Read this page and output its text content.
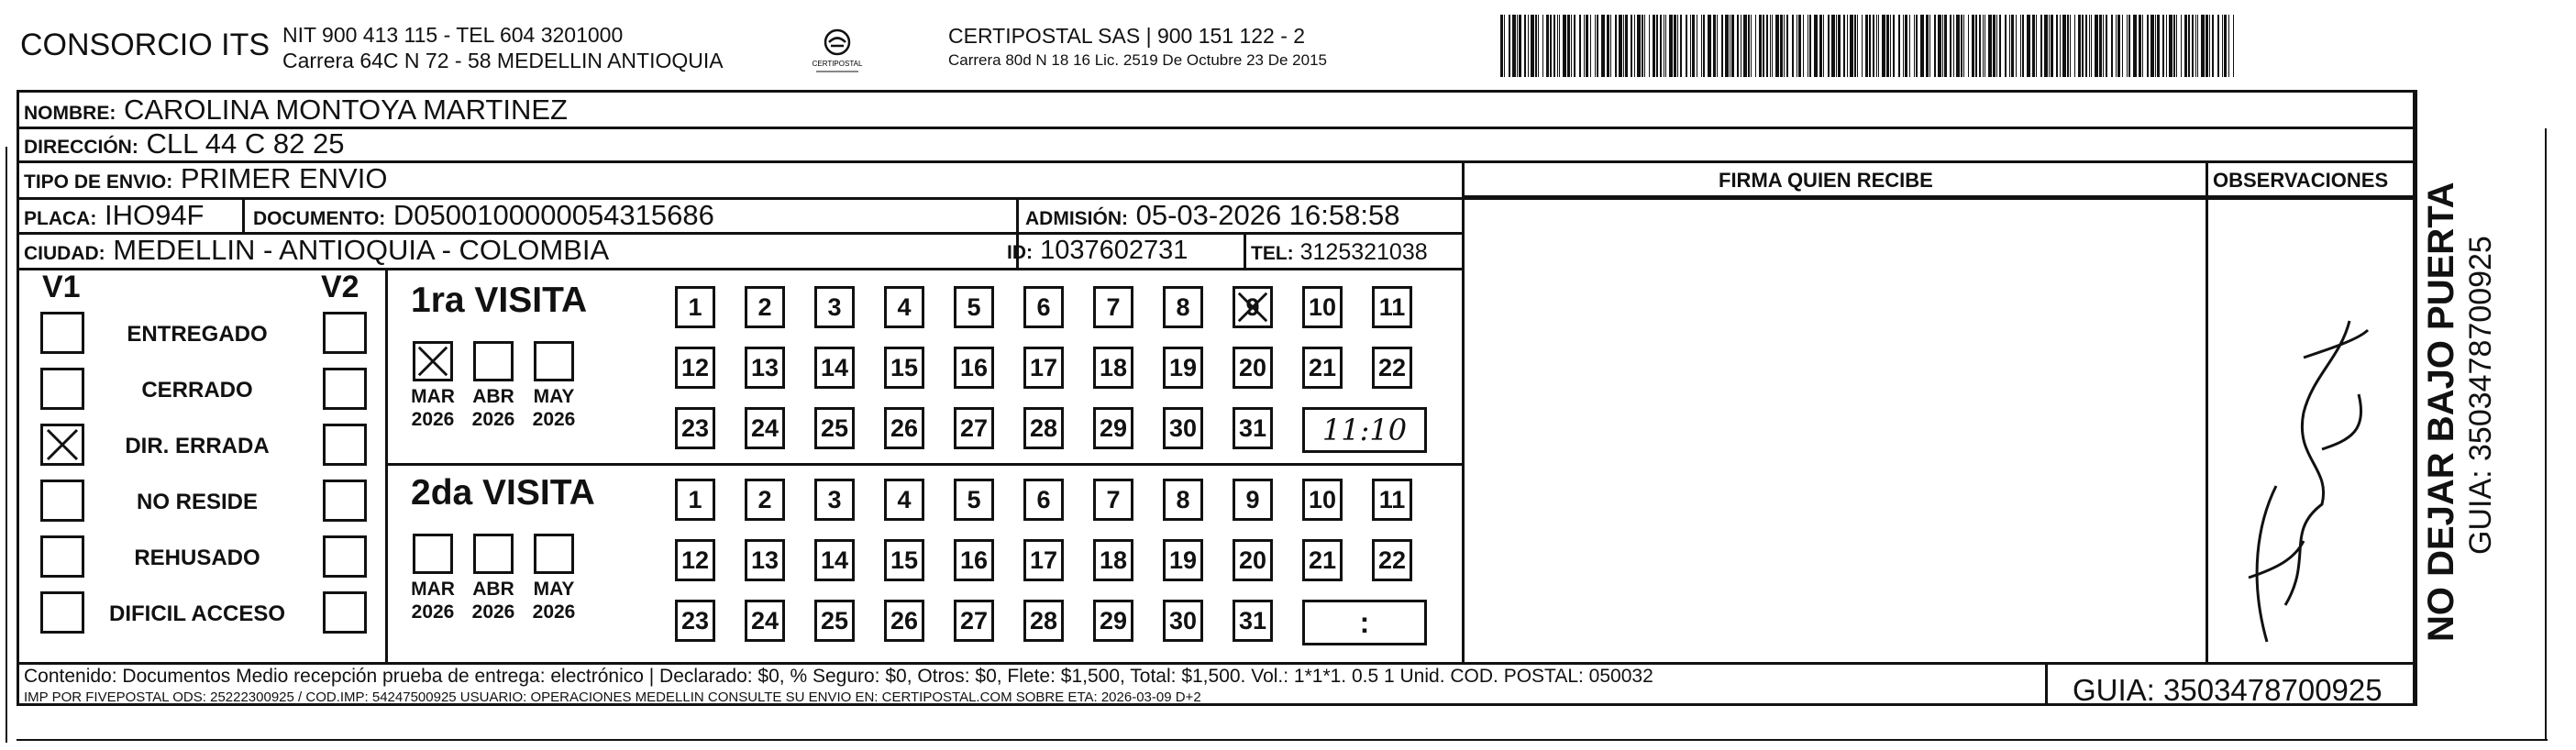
CONSORCIO ITS NIT 900 413 115 - TEL 604 3201000
Carrera 64C N 72 - 58 MEDELLIN ANTIOQUIA	CERTIPOSTAL
CERTIPOSTAL SAS | 900 151 122 - 2
Carrera 80d N 18 16 Lic. 2519 De Octubre 23 De 2015
NOMBRE: CAROLINA MONTOYA MARTINEZ
DIRECCIÓN: CLL 44 C 82 25
TIPO DE ENVIO: PRIMER ENVIO	FIRMA QUIEN RECIBE	OBSERVACIONES
PLACA: IHO94F	DOCUMENTO: D0500100000054315686	ADMISIÓN: 05-03-2026 16:58:58
CIUDAD: MEDELLIN - ANTIOQUIA - COLOMBIA	ID: 1037602731	TEL: 3125321038
V1	V2
ENTREGADO
CERRADO
DIR. ERRADA
NO RESIDE
REHUSADO
DIFICIL ACCESO
1ra VISITA
MAR
2026
ABR
2026
MAY
2026
1 2 3 4 5 6 7 8 9 10 11
12 13 14 15 16 17 18 19 20 21 22
23 24 25 26 27 28 29 30 31 11:10
2da VISITA
MAR
2026
ABR
2026
MAY
2026
1 2 3 4 5 6 7 8 9 10 11
12 13 14 15 16 17 18 19 20 21 22
23 24 25 26 27 28 29 30 31	:	NO DEJAR BAJO PUERTA GUIA: 3503478700925
Contenido: Documentos Medio recepción prueba de entrega: electrónico | Declarado: $0, % Seguro: $0, Otros: $0, Flete: $1,500, Total: $1,500. Vol.: 1*1*1. 0.5 1 Unid. COD. POSTAL: 050032
IMP POR FIVEPOSTAL ODS: 25222300925 / COD.IMP: 54247500925 USUARIO: OPERACIONES MEDELLIN CONSULTE SU ENVIO EN: CERTIPOSTAL.COM SOBRE ETA: 2026-03-09 D+2	GUIA: 3503478700925
